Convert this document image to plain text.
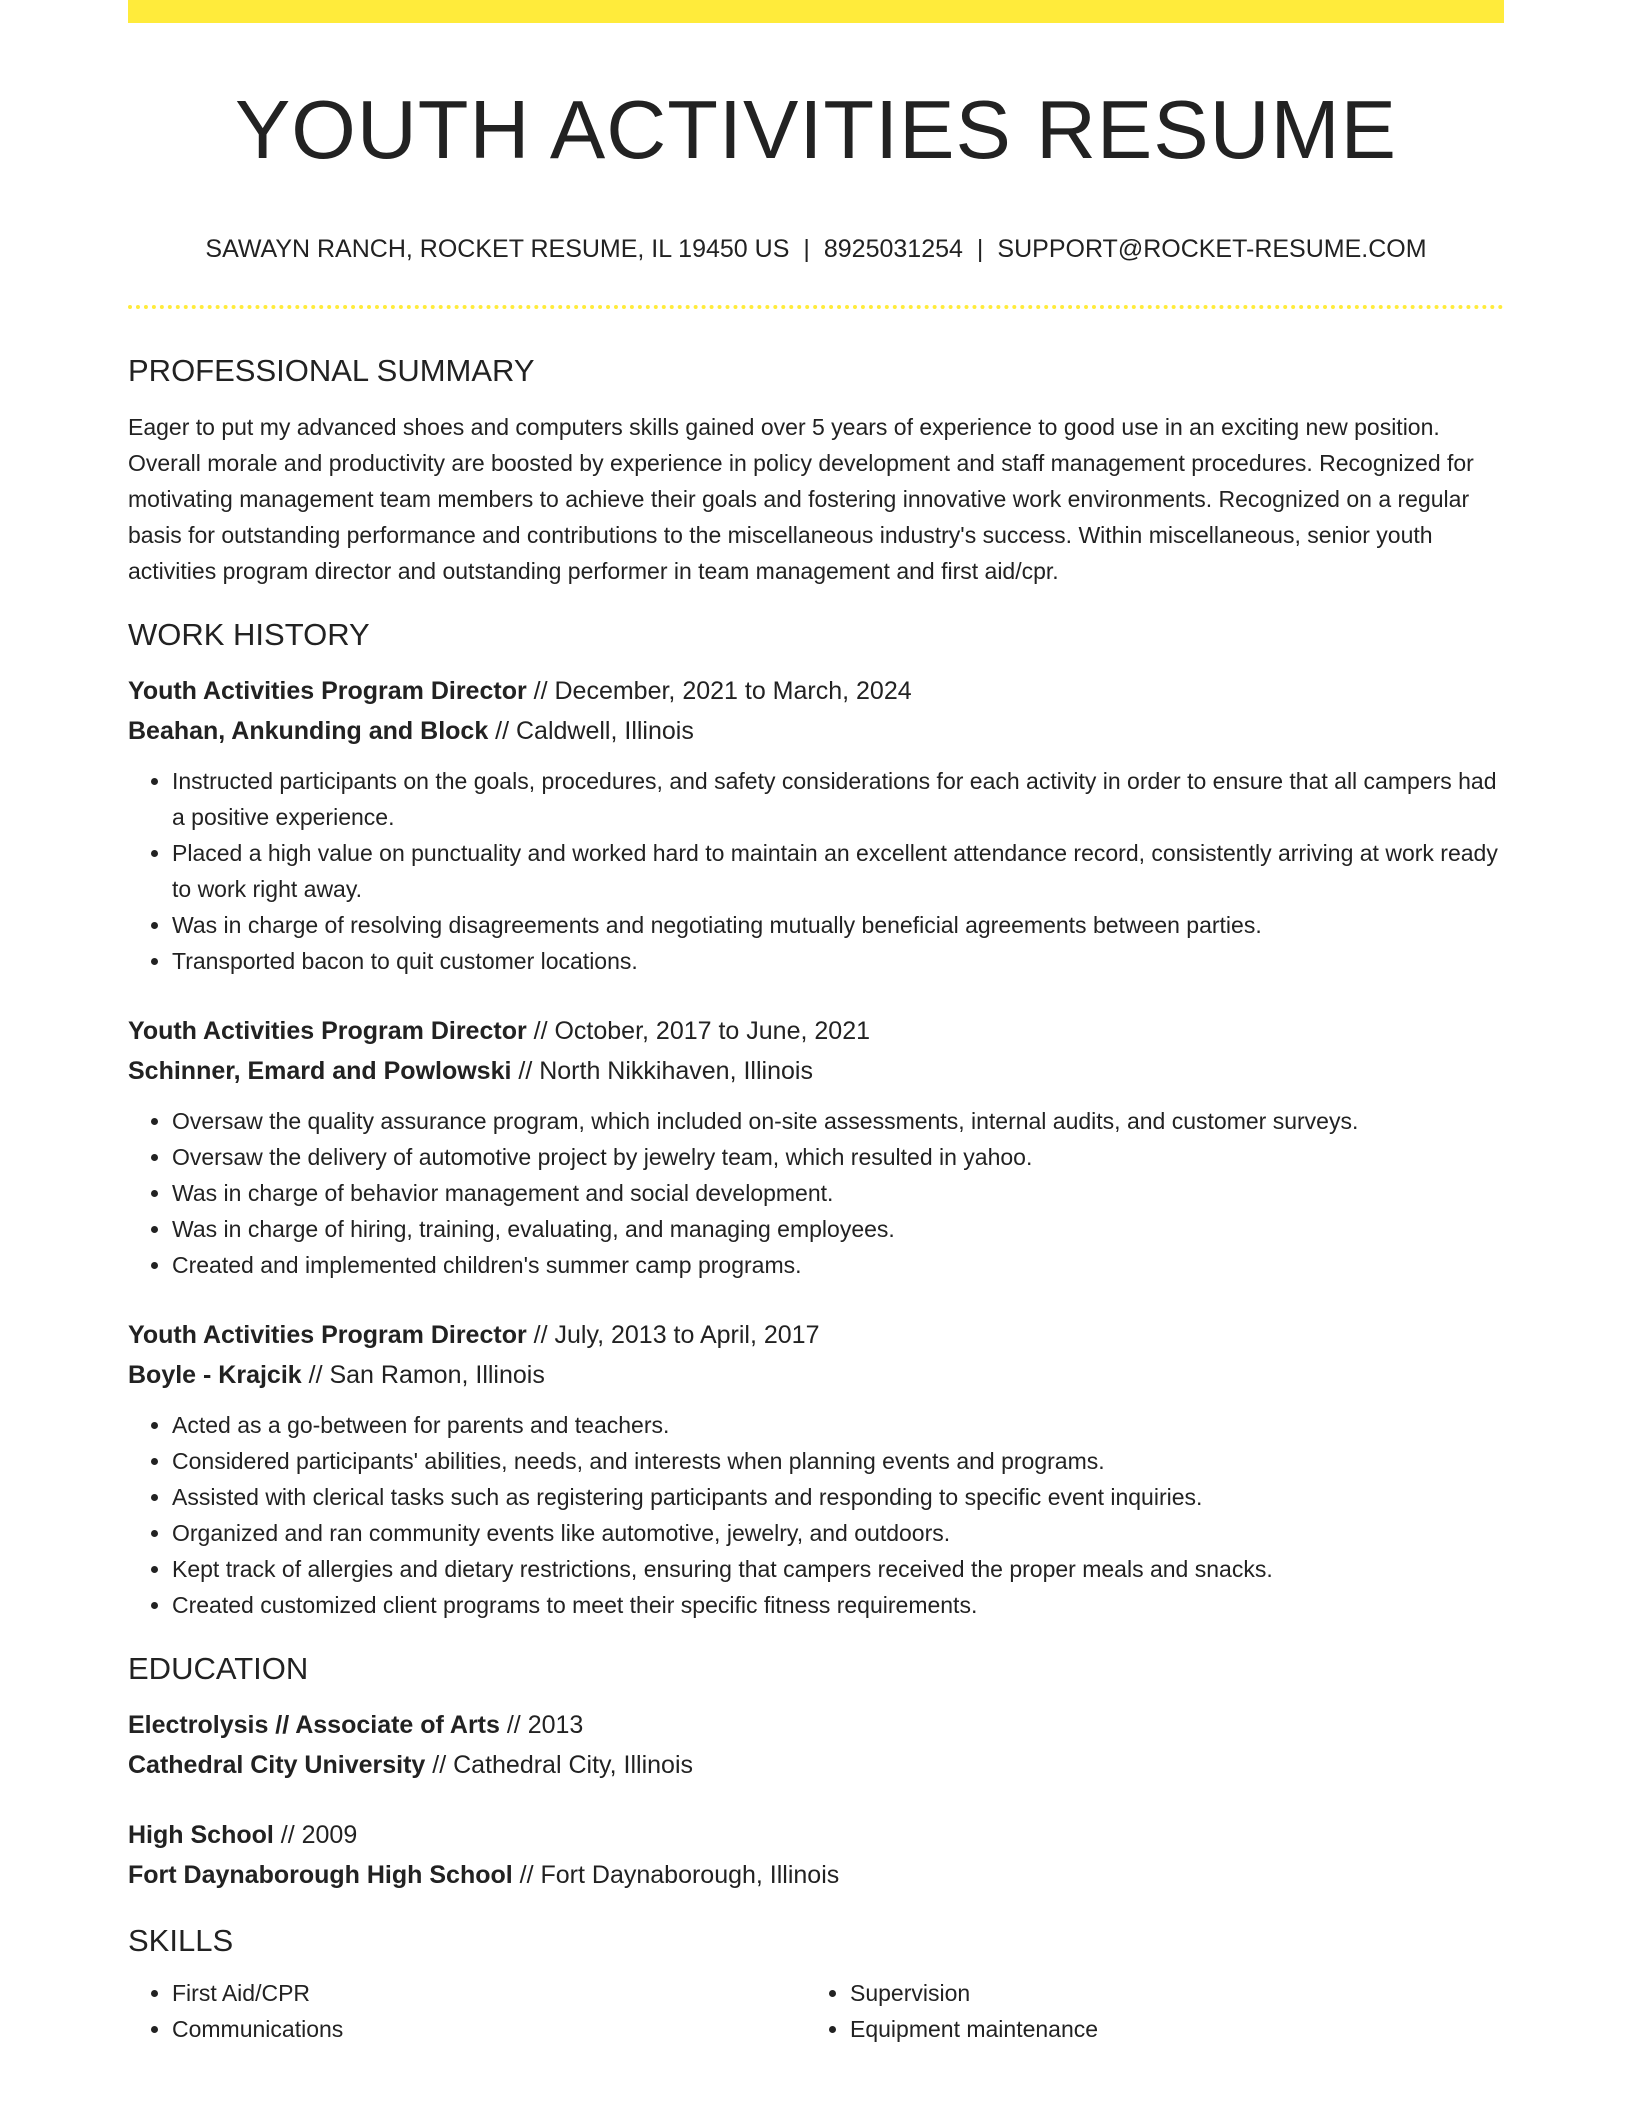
YOUTH ACTIVITIES RESUME
SAWAYN RANCH, ROCKET RESUME, IL 19450 US | 8925031254 | SUPPORT@ROCKET-RESUME.COM
PROFESSIONAL SUMMARY
Eager to put my advanced shoes and computers skills gained over 5 years of experience to good use in an exciting new position. Overall morale and productivity are boosted by experience in policy development and staff management procedures. Recognized for motivating management team members to achieve their goals and fostering innovative work environments. Recognized on a regular basis for outstanding performance and contributions to the miscellaneous industry's success. Within miscellaneous, senior youth activities program director and outstanding performer in team management and first aid/cpr.
WORK HISTORY
Youth Activities Program Director // December, 2021 to March, 2024
Beahan, Ankunding and Block // Caldwell, Illinois
• Instructed participants on the goals, procedures, and safety considerations for each activity in order to ensure that all campers had a positive experience.
• Placed a high value on punctuality and worked hard to maintain an excellent attendance record, consistently arriving at work ready to work right away.
• Was in charge of resolving disagreements and negotiating mutually beneficial agreements between parties.
• Transported bacon to quit customer locations.
Youth Activities Program Director // October, 2017 to June, 2021
Schinner, Emard and Powlowski // North Nikkihaven, Illinois
• Oversaw the quality assurance program, which included on-site assessments, internal audits, and customer surveys.
• Oversaw the delivery of automotive project by jewelry team, which resulted in yahoo.
• Was in charge of behavior management and social development.
• Was in charge of hiring, training, evaluating, and managing employees.
• Created and implemented children's summer camp programs.
Youth Activities Program Director // July, 2013 to April, 2017
Boyle - Krajcik // San Ramon, Illinois
• Acted as a go-between for parents and teachers.
• Considered participants' abilities, needs, and interests when planning events and programs.
• Assisted with clerical tasks such as registering participants and responding to specific event inquiries.
• Organized and ran community events like automotive, jewelry, and outdoors.
• Kept track of allergies and dietary restrictions, ensuring that campers received the proper meals and snacks.
• Created customized client programs to meet their specific fitness requirements.
EDUCATION
Electrolysis // Associate of Arts // 2013
Cathedral City University // Cathedral City, Illinois
High School // 2009
Fort Daynaborough High School // Fort Daynaborough, Illinois
SKILLS
• First Aid/CPR
• Communications
• Supervision
• Equipment maintenance
